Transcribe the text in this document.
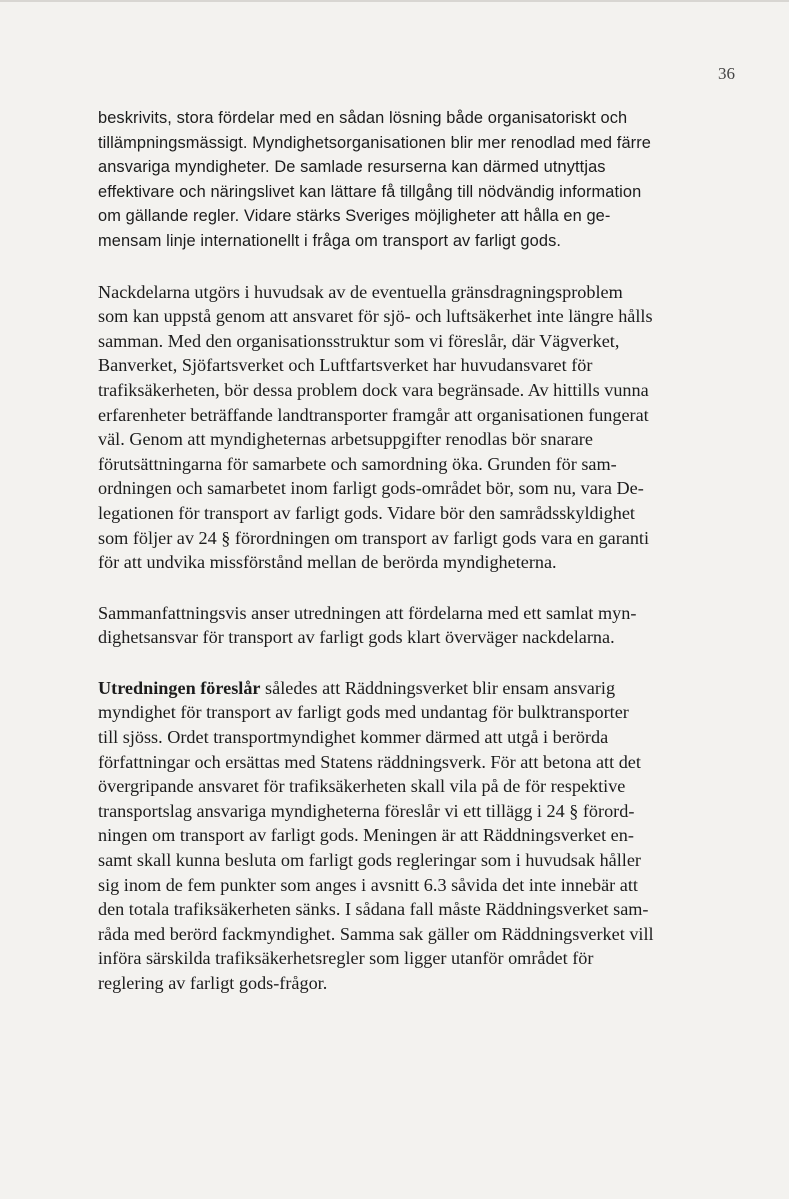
36

beskrivits, stora fördelar med en sådan lösning både organisatoriskt och
tillämpningsmässigt. Myndighetsorganisationen blir mer renodlad med färre
ansvariga myndigheter. De samlade resurserna kan därmed utnyttjas
effektivare och näringslivet kan lättare få tillgång till nödvändig information
om gällande regler. Vidare stärks Sveriges möjligheter att hålla en ge-
mensam linje internationellt i fråga om transport av farligt gods.

Nackdelarna utgörs i huvudsak av de eventuella gränsdragningsproblem
som kan uppstå genom att ansvaret för sjö- och luftsäkerhet inte längre hålls
samman. Med den organisationsstruktur som vi föreslår, där Vägverket,
Banverket, Sjöfartsverket och Luftfartsverket har huvudansvaret för
trafiksäkerheten, bör dessa problem dock vara begränsade. Av hittills vunna
erfarenheter beträffande landtransporter framgår att organisationen fungerat
väl. Genom att myndigheternas arbetsuppgifter renodlas bör snarare
förutsättningarna för samarbete och samordning öka. Grunden för sam-
ordningen och samarbetet inom farligt gods-området bör, som nu, vara De-
legationen för transport av farligt gods. Vidare bör den samrådsskyldighet
som följer av 24 § förordningen om transport av farligt gods vara en garanti
för att undvika missförstånd mellan de berörda myndigheterna.

Sammanfattningsvis anser utredningen att fördelarna med ett samlat myn-
dighetsansvar för transport av farligt gods klart överväger nackdelarna.

Utredningen föreslår således att Räddningsverket blir ensam ansvarig
myndighet för transport av farligt gods med undantag för bulktransporter
till sjöss. Ordet transportmyndighet kommer därmed att utgå i berörda
författningar och ersättas med Statens räddningsverk. För att betona att det
övergripande ansvaret för trafiksäkerheten skall vila på de för respektive
transportslag ansvariga myndigheterna föreslår vi ett tillägg i 24 § förord-
ningen om transport av farligt gods. Meningen är att Räddningsverket en-
samt skall kunna besluta om farligt gods regleringar som i huvudsak håller
sig inom de fem punkter som anges i avsnitt 6.3 såvida det inte innebär att
den totala trafiksäkerheten sänks. I sådana fall måste Räddningsverket sam-
råda med berörd fackmyndighet. Samma sak gäller om Räddningsverket vill
införa särskilda trafiksäkerhetsregler som ligger utanför området för
reglering av farligt gods-frågor.
